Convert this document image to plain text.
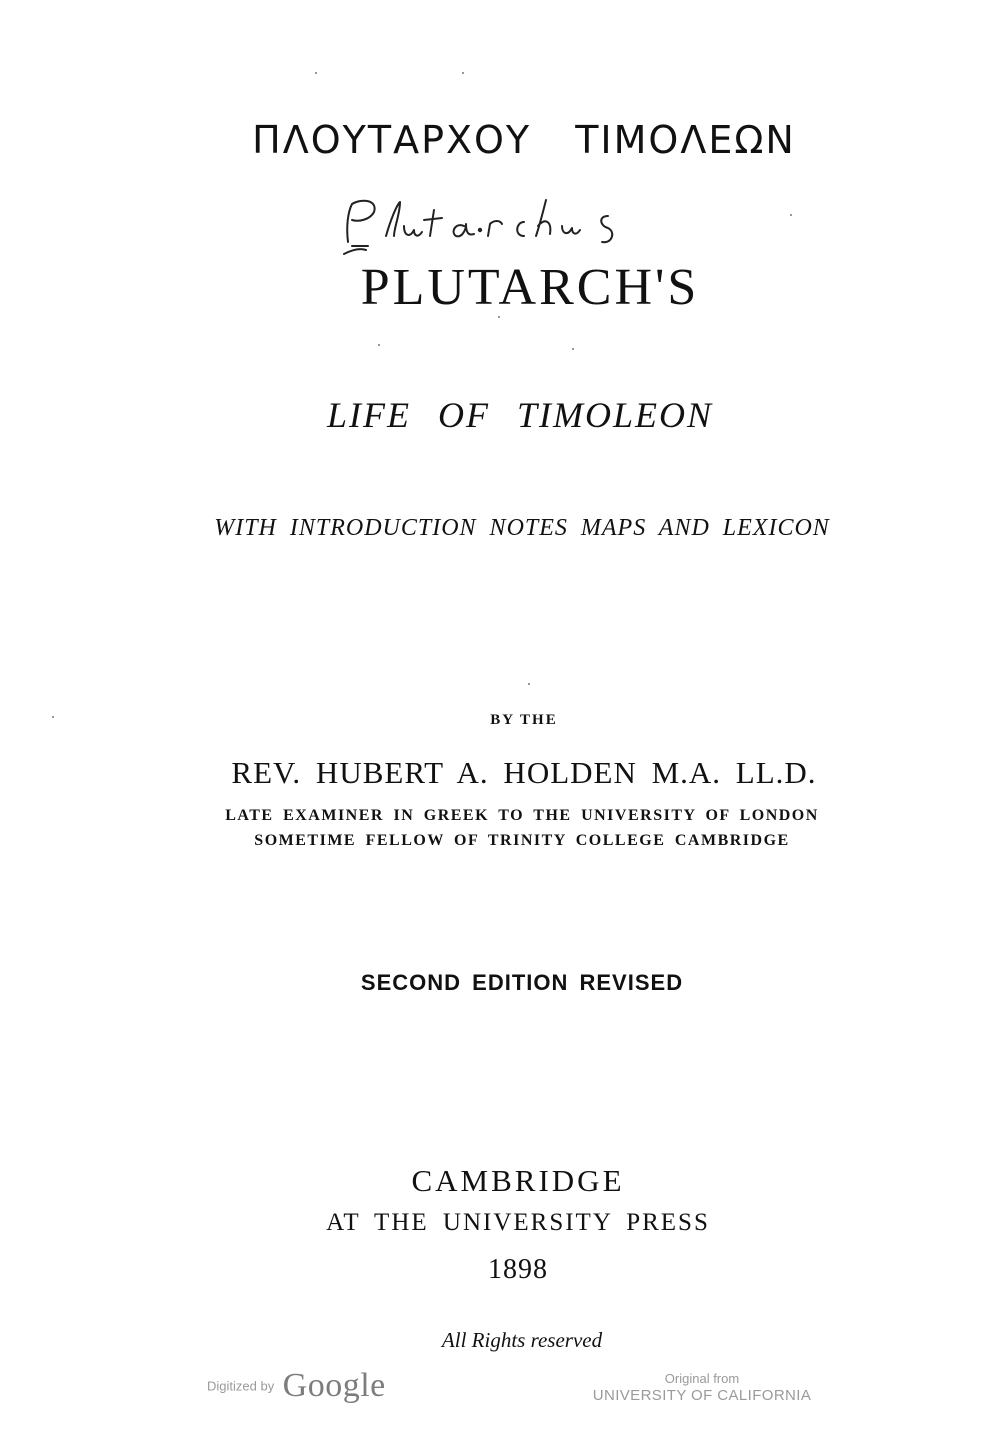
ΠΛΟΥΤΑΡΧΟΥ ΤΙΜΟΛΕΩΝ
PLUTARCH'S
LIFE OF TIMOLEON
WITH INTRODUCTION NOTES MAPS AND LEXICON
BY THE
REV. HUBERT A. HOLDEN M.A. LL.D.
LATE EXAMINER IN GREEK TO THE UNIVERSITY OF LONDON
SOMETIME FELLOW OF TRINITY COLLEGE CAMBRIDGE
SECOND EDITION REVISED
CAMBRIDGE
AT THE UNIVERSITY PRESS
1898
All Rights reserved
Digitized by Google	Original from
UNIVERSITY OF CALIFORNIA
